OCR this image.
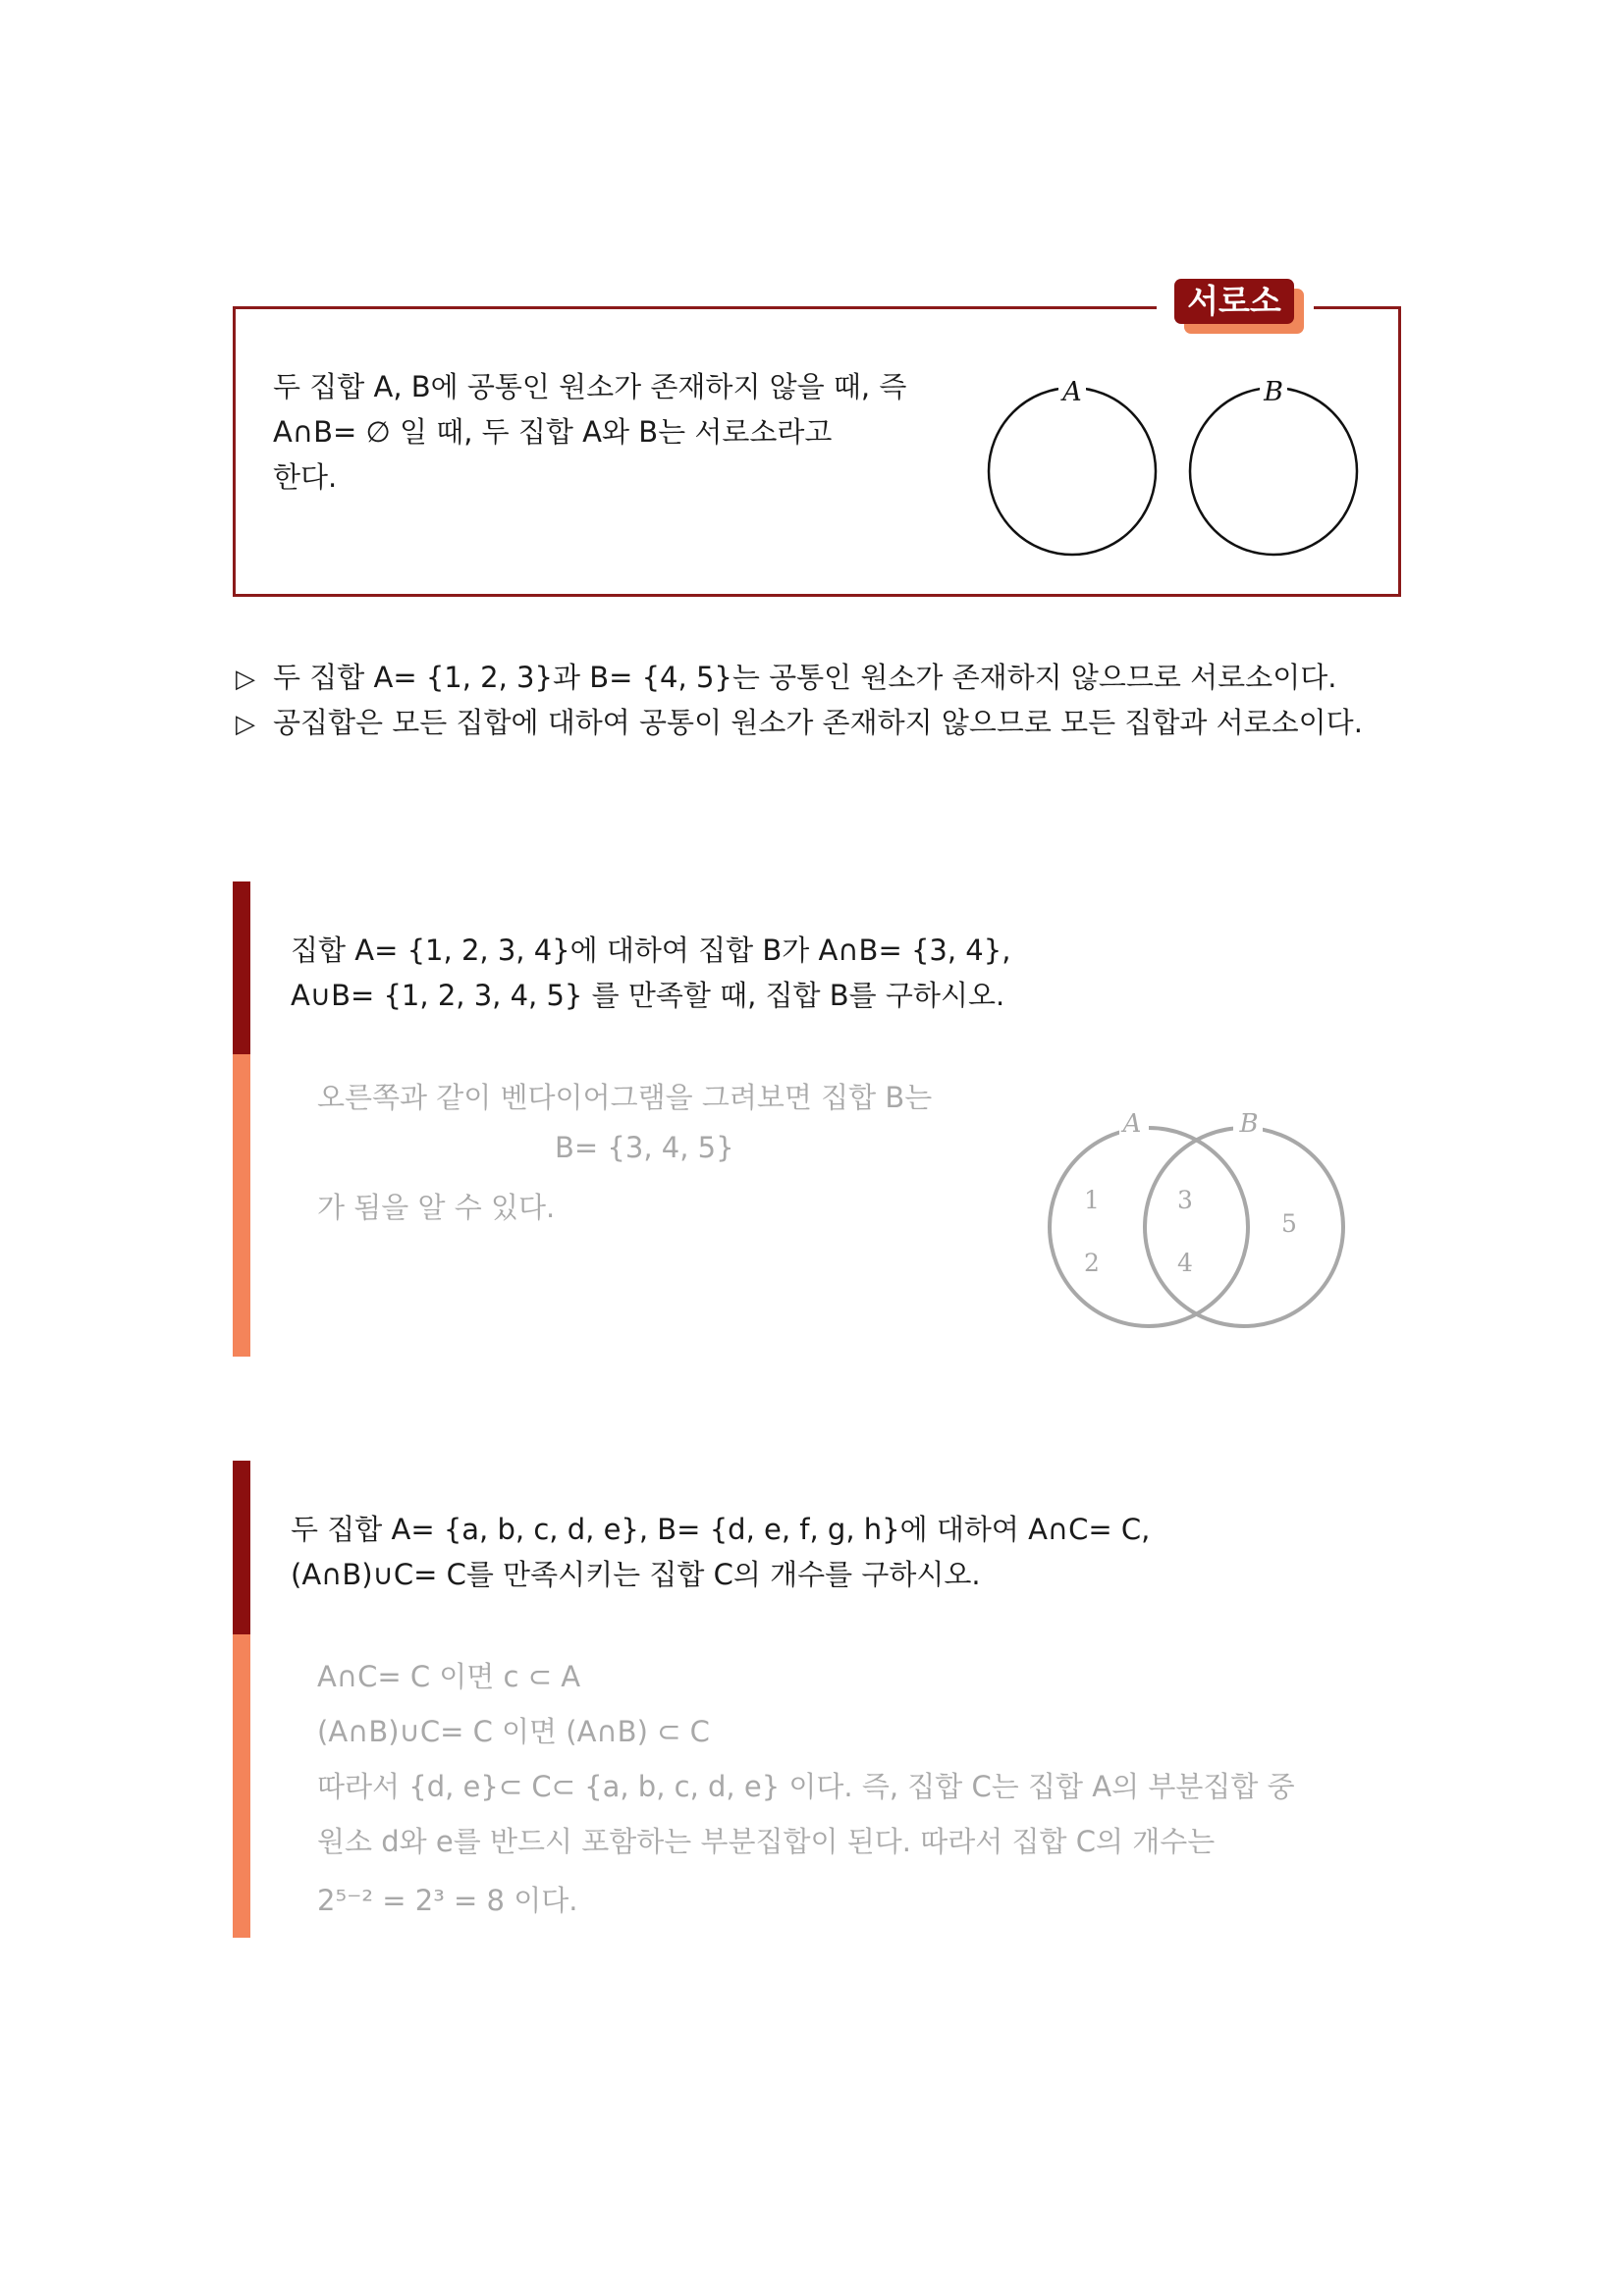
서로소
두 집합 A, B에 공통인 원소가 존재하지 않을 때, 즉
A∩B= ∅ 일 때, 두 집합 A와 B는 서로소라고
한다.
A	B
▷ 두 집합 A= {1, 2, 3}과 B= {4, 5}는 공통인 원소가 존재하지 않으므로 서로소이다.
▷ 공집합은 모든 집합에 대하여 공통이 원소가 존재하지 않으므로 모든 집합과 서로소이다.
집합 A= {1, 2, 3, 4}에 대하여 집합 B가 A∩B= {3, 4},
A∪B= {1, 2, 3, 4, 5} 를 만족할 때, 집합 B를 구하시오.
오른쪽과 같이 벤다이어그램을 그려보면 집합 B는
B= {3, 4, 5}
가 됨을 알 수 있다.
A	B
1
2
3
4
5
두 집합 A= {a, b, c, d, e}, B= {d, e, f, g, h}에 대하여 A∩C= C,
(A∩B)∪C= C를 만족시키는 집합 C의 개수를 구하시오.
A∩C= C 이면 c ⊂ A
(A∩B)∪C= C 이면 (A∩B) ⊂ C
따라서 {d, e}⊂ C⊂ {a, b, c, d, e} 이다. 즉, 집합 C는 집합 A의 부분집합 중
원소 d와 e를 반드시 포함하는 부분집합이 된다. 따라서 집합 C의 개수는
2⁵⁻² = 2³ = 8 이다.
